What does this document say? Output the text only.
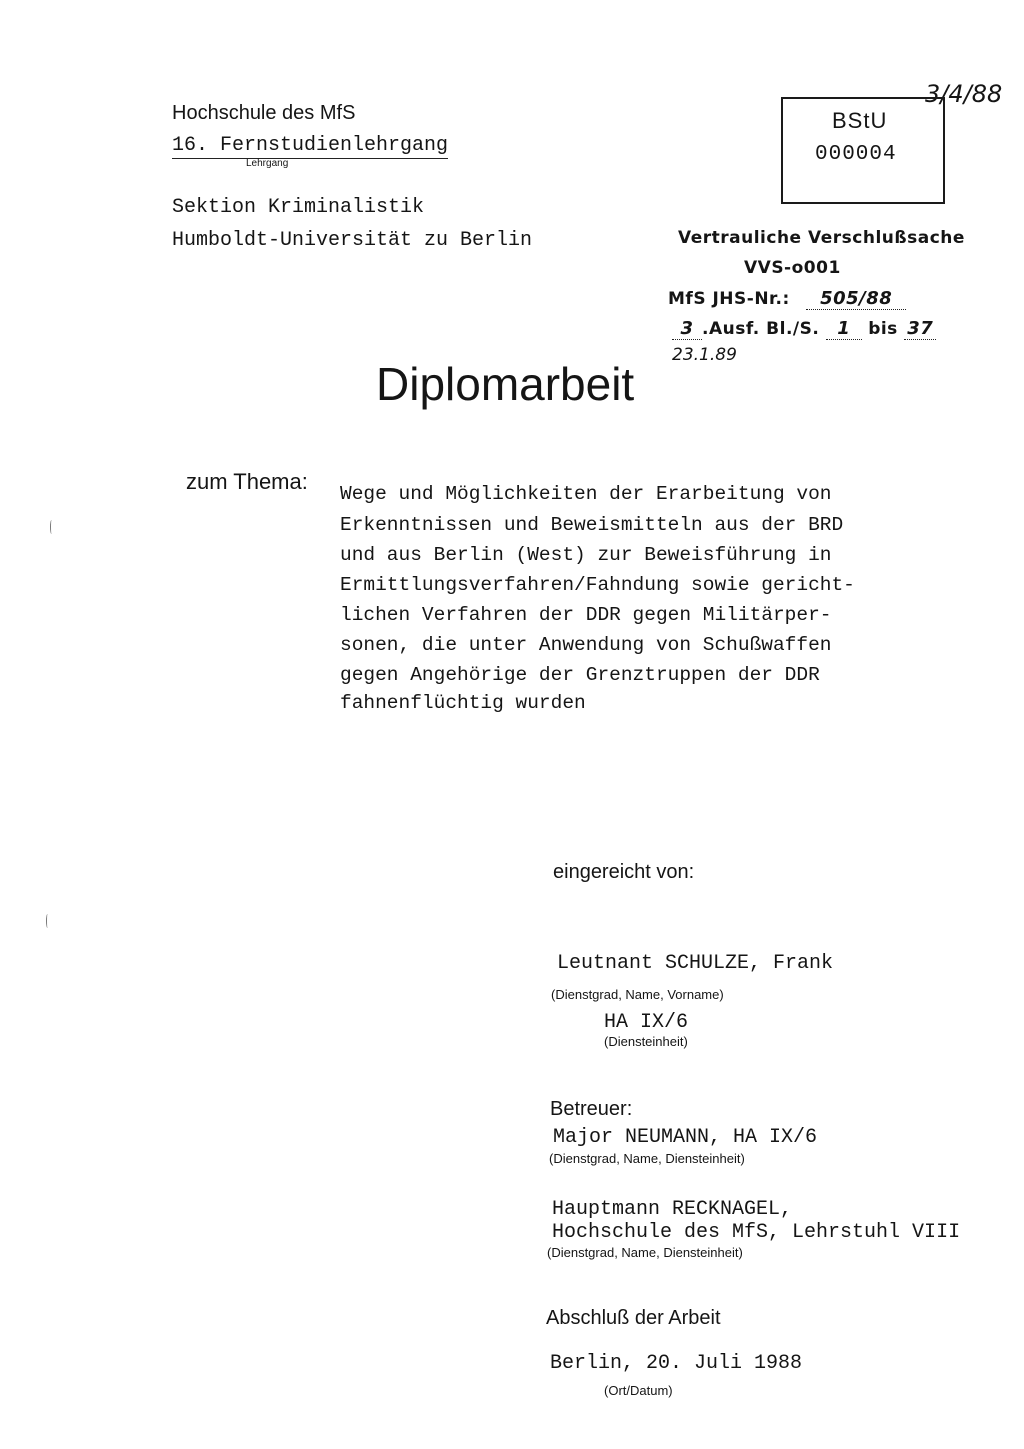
3/4/88
Hochschule des MfS
16. Fernstudienlehrgang
Lehrgang
Sektion Kriminalistik
Humboldt-Universität zu Berlin
BStU
000004
Vertrauliche Verschlußsache
VVS-o001
MfS JHS-Nr.: 505/88
3 .Ausf. Bl./S. 1 bis 37
23.1.89
Diplomarbeit
zum Thema: Wege und Möglichkeiten der Erarbeitung von
Erkenntnissen und Beweismitteln aus der BRD
und aus Berlin (West) zur Beweisführung in
Ermittlungsverfahren/Fahndung sowie gericht-
lichen Verfahren der DDR gegen Militärper-
sonen, die unter Anwendung von Schußwaffen
gegen Angehörige der Grenztruppen der DDR
fahnenflüchtig wurden
eingereicht von:
Leutnant SCHULZE, Frank
(Dienstgrad, Name, Vorname)
HA IX/6
(Diensteinheit)
Betreuer:
Major NEUMANN, HA IX/6
(Dienstgrad, Name, Diensteinheit)
Hauptmann RECKNAGEL,
Hochschule des MfS, Lehrstuhl VIII
(Dienstgrad, Name, Diensteinheit)
Abschluß der Arbeit
Berlin, 20. Juli 1988
(Ort/Datum)
